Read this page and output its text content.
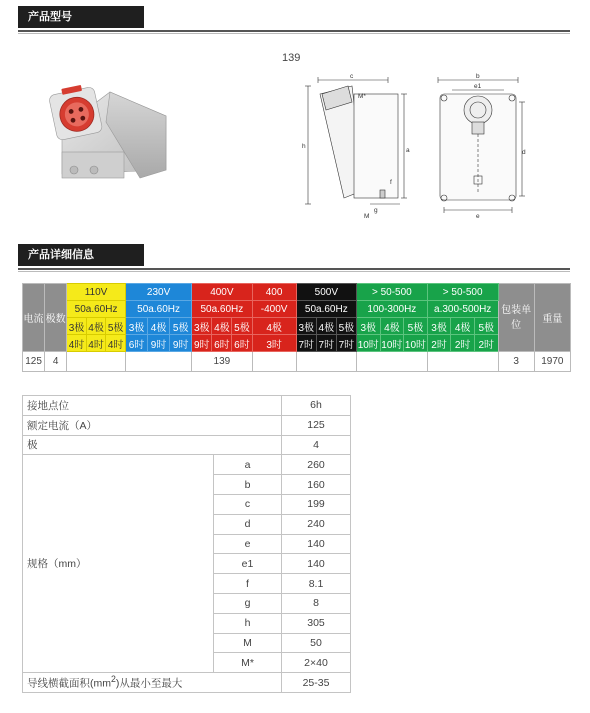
产品型号
139
c
M*
a
h
f
g
M
b
e1
d
e
产品详细信息
电流	极数	110V			230V			400V			400	500V			> 50-500			> 50-500			包装单位	重量
		50a.60Hz			50a.60Hz			50a.60Hz			-400V	50a.60Hz			100-300Hz			a.300-500Hz				
		3极	4极	5极	3极	4极	5极	3极	4极	5极	4极	3极	4极	5极	3极	4极	5极	3极	4极	5极		
		4时	4时	4时	6时	9时	9时	9时	6时	6时	3时	7时	7时	7时	10时	10时	10时	2时	2时	2时		
125	4							139													3	1970
接地点位		6h
额定电流（A）		125
极		4
规格（mm）	a	260
	b	160
	c	199
	d	240
	e	140
	e1	140
	f	8.1
	g	8
	h	305
	M	50
	M*	2×40
导线横截面积$(mm^2)$从最小至最大		25-35
